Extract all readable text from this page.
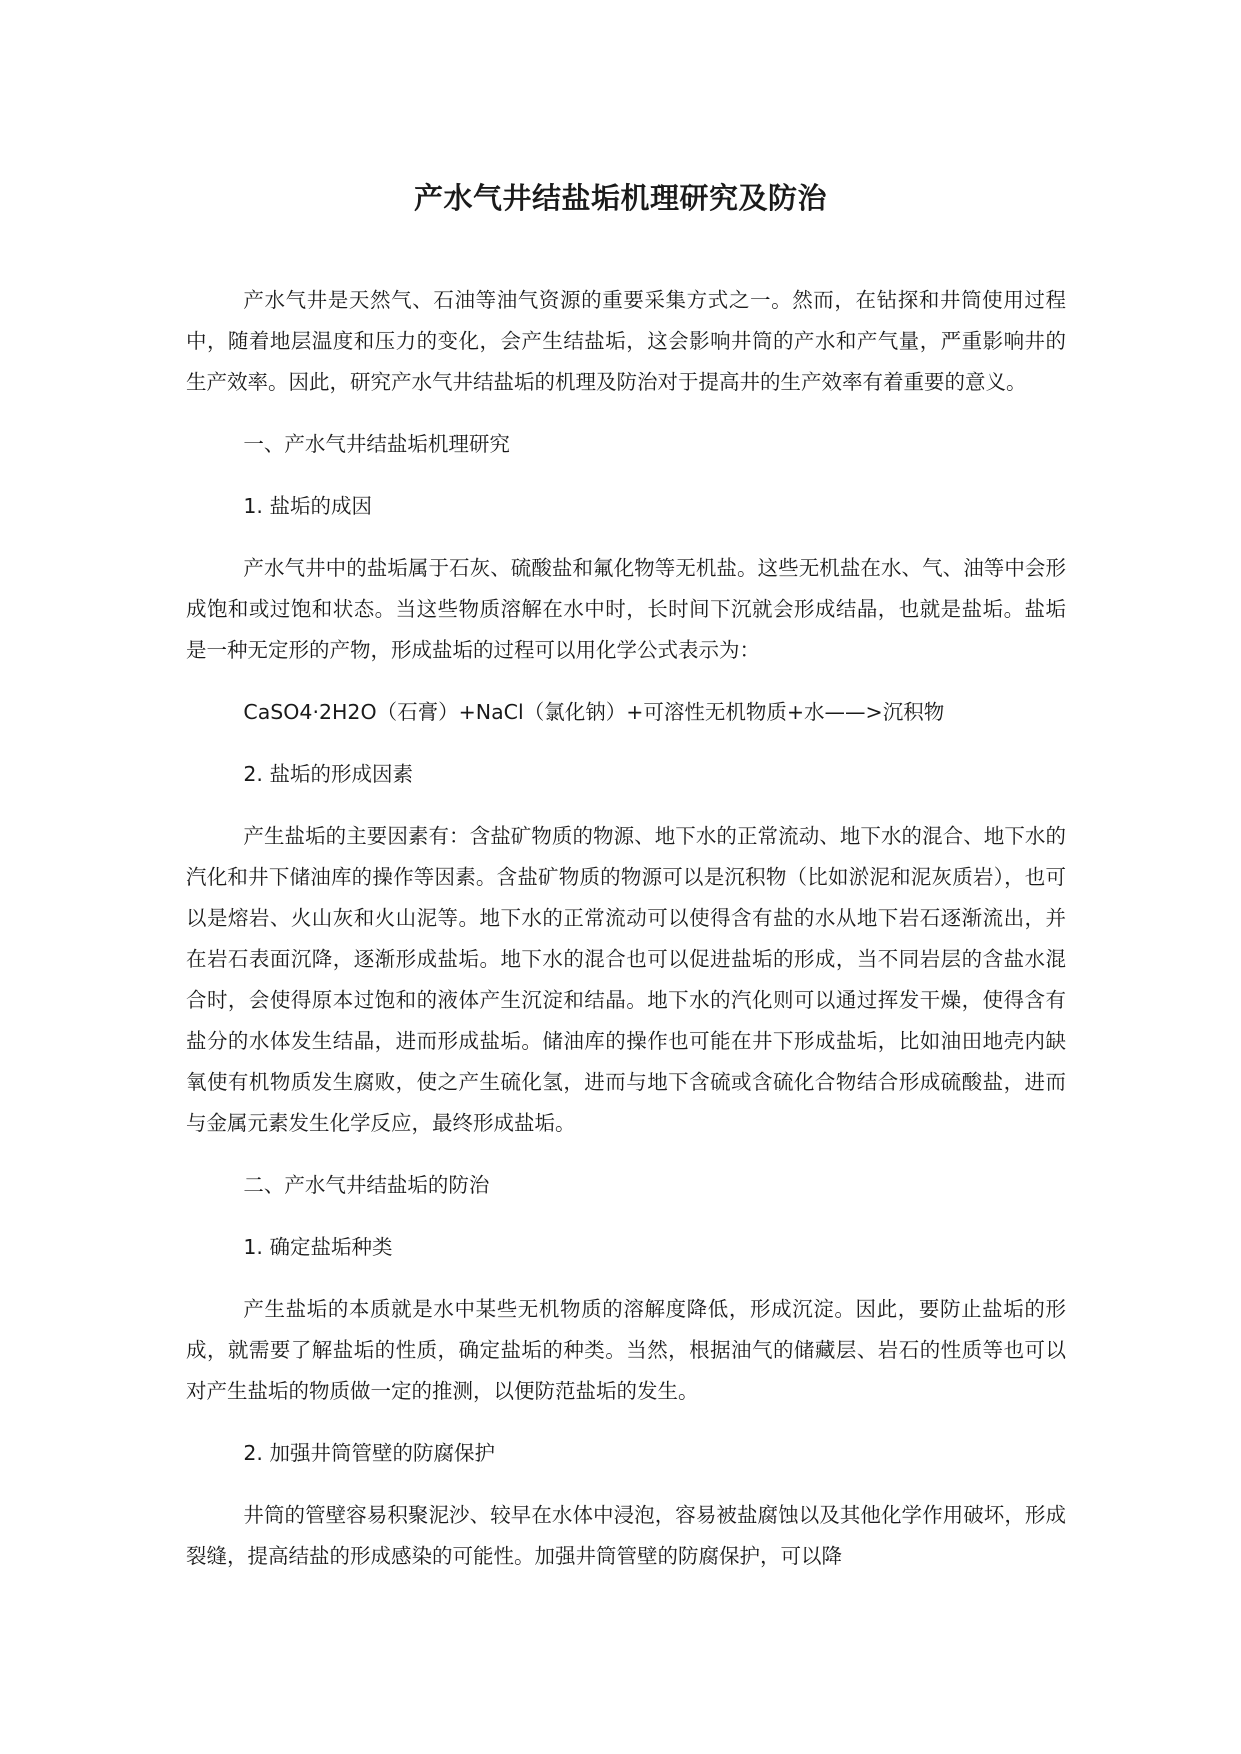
产水气井结盐垢机理研究及防治

产水气井是天然气、石油等油气资源的重要采集方式之一。然而，在钻探和井筒使用过程中，随着地层温度和压力的变化，会产生结盐垢，这会影响井筒的产水和产气量，严重影响井的生产效率。因此，研究产水气井结盐垢的机理及防治对于提高井的生产效率有着重要的意义。

一、产水气井结盐垢机理研究

1. 盐垢的成因

产水气井中的盐垢属于石灰、硫酸盐和氟化物等无机盐。这些无机盐在水、气、油等中会形成饱和或过饱和状态。当这些物质溶解在水中时，长时间下沉就会形成结晶，也就是盐垢。盐垢是一种无定形的产物，形成盐垢的过程可以用化学公式表示为：

CaSO4·2H2O（石膏）+NaCl（氯化钠）+可溶性无机物质+水——>沉积物

2. 盐垢的形成因素

产生盐垢的主要因素有：含盐矿物质的物源、地下水的正常流动、地下水的混合、地下水的汽化和井下储油库的操作等因素。含盐矿物质的物源可以是沉积物（比如淤泥和泥灰质岩），也可以是熔岩、火山灰和火山泥等。地下水的正常流动可以使得含有盐的水从地下岩石逐渐流出，并在岩石表面沉降，逐渐形成盐垢。地下水的混合也可以促进盐垢的形成，当不同岩层的含盐水混合时，会使得原本过饱和的液体产生沉淀和结晶。地下水的汽化则可以通过挥发干燥，使得含有盐分的水体发生结晶，进而形成盐垢。储油库的操作也可能在井下形成盐垢，比如油田地壳内缺氧使有机物质发生腐败，使之产生硫化氢，进而与地下含硫或含硫化合物结合形成硫酸盐，进而与金属元素发生化学反应，最终形成盐垢。

二、产水气井结盐垢的防治

1. 确定盐垢种类

产生盐垢的本质就是水中某些无机物质的溶解度降低，形成沉淀。因此，要防止盐垢的形成，就需要了解盐垢的性质，确定盐垢的种类。当然，根据油气的储藏层、岩石的性质等也可以对产生盐垢的物质做一定的推测，以便防范盐垢的发生。

2. 加强井筒管壁的防腐保护

井筒的管壁容易积聚泥沙、较早在水体中浸泡，容易被盐腐蚀以及其他化学作用破坏，形成裂缝，提高结盐的形成感染的可能性。加强井筒管壁的防腐保护，可以降
